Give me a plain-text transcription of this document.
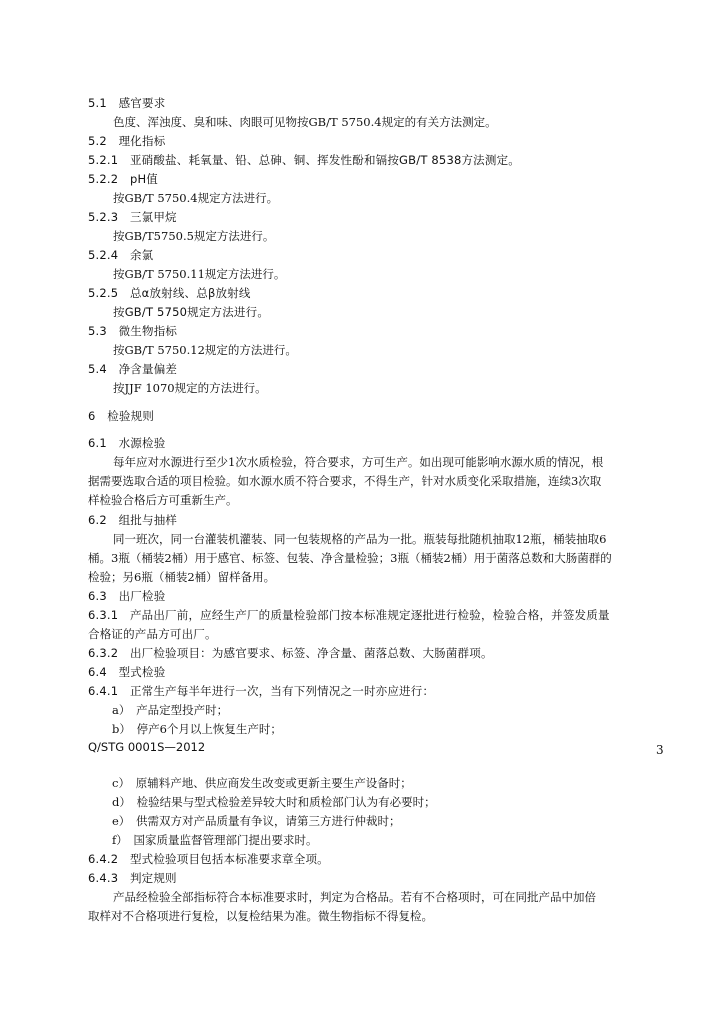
5.1　感官要求
色度、浑浊度、臭和味、肉眼可见物按GB/T 5750.4规定的有关方法测定。
5.2　理化指标
5.2.1　亚硝酸盐、耗氧量、铅、总砷、铜、挥发性酚和镉按GB/T 8538方法测定。
5.2.2　pH值
按GB/T 5750.4规定方法进行。
5.2.3　三氯甲烷
按GB/T5750.5规定方法进行。
5.2.4　余氯
按GB/T 5750.11规定方法进行。
5.2.5　总α放射线、总β放射线
按GB/T 5750规定方法进行。
5.3　微生物指标
按GB/T 5750.12规定的方法进行。
5.4　净含量偏差
按JJF 1070规定的方法进行。
6　检验规则
6.1　水源检验
每年应对水源进行至少1次水质检验，符合要求，方可生产。如出现可能影响水源水质的情况，根
据需要选取合适的项目检验。如水源水质不符合要求，不得生产，针对水质变化采取措施，连续3次取
样检验合格后方可重新生产。
6.2　组批与抽样
同一班次，同一台灌装机灌装、同一包装规格的产品为一批。瓶装每批随机抽取12瓶，桶装抽取6
桶。3瓶（桶装2桶）用于感官、标签、包装、净含量检验；3瓶（桶装2桶）用于菌落总数和大肠菌群的
检验；另6瓶（桶装2桶）留样备用。
6.3　出厂检验
6.3.1　产品出厂前，应经生产厂的质量检验部门按本标准规定逐批进行检验，检验合格，并签发质量
合格证的产品方可出厂。
6.3.2　出厂检验项目：为感官要求、标签、净含量、菌落总数、大肠菌群项。
6.4　型式检验
6.4.1　正常生产每半年进行一次，当有下列情况之一时亦应进行：
a）　产品定型投产时；
b）　停产6个月以上恢复生产时；
Q/STG 0001S—2012	3
c）　原辅料产地、供应商发生改变或更新主要生产设备时；
d）　检验结果与型式检验差异较大时和质检部门认为有必要时；
e）　供需双方对产品质量有争议，请第三方进行仲裁时；
f）　国家质量监督管理部门提出要求时。
6.4.2　型式检验项目包括本标准要求章全项。
6.4.3　判定规则
产品经检验全部指标符合本标准要求时，判定为合格品。若有不合格项时，可在同批产品中加倍
取样对不合格项进行复检，以复检结果为准。微生物指标不得复检。
